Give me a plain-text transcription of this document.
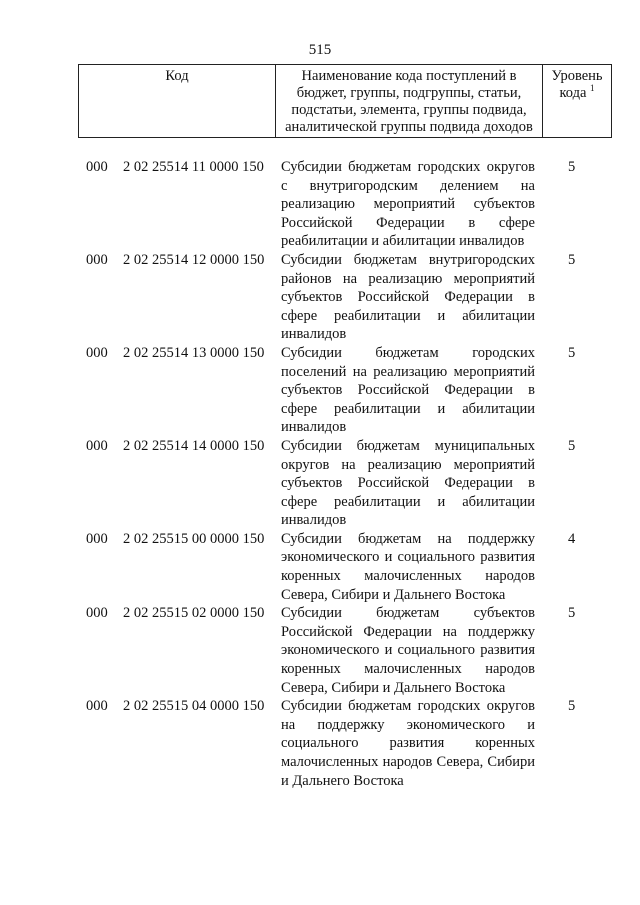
515
Код	Наименование кода поступлений в бюджет, группы, подгруппы, статьи, подстатьи, элемента, группы подвида, аналитической группы подвида доходов
Уровень кода $^1$
000 2 02 25514 11 0000 150 Субсидии бюджетам городских округов с внутригородским делением на реализацию мероприятий субъектов Российской Федерации в сфере реабилитации и абилитации инвалидов
5
000 2 02 25514 12 0000 150 Субсидии бюджетам внутригородских районов на реализацию мероприятий субъектов Российской Федерации в сфере реабилитации и абилитации инвалидов
5
000 2 02 25514 13 0000 150 Субсидии бюджетам городских поселений на реализацию мероприятий субъектов Российской Федерации в сфере реабилитации и абилитации инвалидов
5
000 2 02 25514 14 0000 150 Субсидии бюджетам муниципальных округов на реализацию мероприятий субъектов Российской Федерации в сфере реабилитации и абилитации инвалидов
5
000 2 02 25515 00 0000 150 Субсидии бюджетам на поддержку экономического и социального развития коренных малочисленных народов Севера, Сибири и Дальнего Востока
4
000 2 02 25515 02 0000 150 Субсидии бюджетам субъектов Российской Федерации на поддержку экономического и социального развития коренных малочисленных народов Севера, Сибири и Дальнего Востока
5
000 2 02 25515 04 0000 150 Субсидии бюджетам городских округов на поддержку экономического и социального развития коренных малочисленных народов Севера, Сибири и Дальнего Востока
5
